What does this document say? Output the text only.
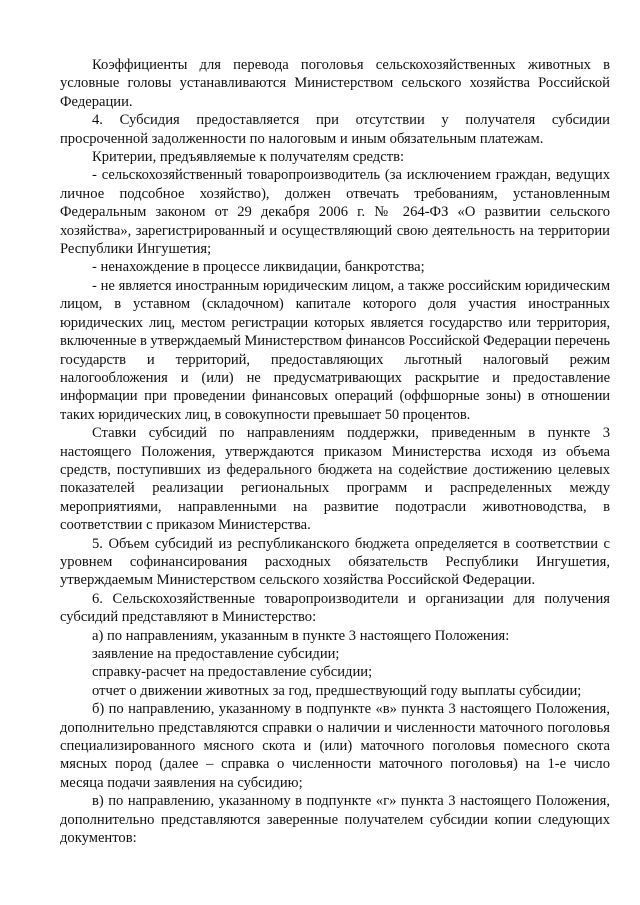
Коэффициенты для перевода поголовья сельскохозяйственных животных в условные головы устанавливаются Министерством сельского хозяйства Российской Федерации.

4. Субсидия предоставляется при отсутствии у получателя субсидии просроченной задолженности по налоговым и иным обязательным платежам.

Критерии, предъявляемые к получателям средств:

- сельскохозяйственный товаропроизводитель (за исключением граждан, ведущих личное подсобное хозяйство), должен отвечать требованиям, установленным Федеральным законом от 29 декабря 2006 г. № 264-ФЗ «О развитии сельского хозяйства», зарегистрированный и осуществляющий свою деятельность на территории Республики Ингушетия;

- ненахождение в процессе ликвидации, банкротства;

- не является иностранным юридическим лицом, а также российским юридическим лицом, в уставном (складочном) капитале которого доля участия иностранных юридических лиц, местом регистрации которых является государство или территория, включенные в утверждаемый Министерством финансов Российской Федерации перечень государств и территорий, предоставляющих льготный налоговый режим налогообложения и (или) не предусматривающих раскрытие и предоставление информации при проведении финансовых операций (оффшорные зоны) в отношении таких юридических лиц, в совокупности превышает 50 процентов.

Ставки субсидий по направлениям поддержки, приведенным в пункте 3 настоящего Положения, утверждаются приказом Министерства исходя из объема средств, поступивших из федерального бюджета на содействие достижению целевых показателей реализации региональных программ и распределенных между мероприятиями, направленными на развитие подотрасли животноводства, в соответствии с приказом Министерства.

5. Объем субсидий из республиканского бюджета определяется в соответствии с уровнем софинансирования расходных обязательств Республики Ингушетия, утверждаемым Министерством сельского хозяйства Российской Федерации.

6. Сельскохозяйственные товаропроизводители и организации для получения субсидий представляют в Министерство:

а) по направлениям, указанным в пункте 3 настоящего Положения:

заявление на предоставление субсидии;

справку-расчет на предоставление субсидии;

отчет о движении животных за год, предшествующий году выплаты субсидии;

б) по направлению, указанному в подпункте «в» пункта 3 настоящего Положения, дополнительно представляются справки о наличии и численности маточного поголовья специализированного мясного скота и (или) маточного поголовья помесного скота мясных пород (далее – справка о численности маточного поголовья) на 1-е число месяца подачи заявления на субсидию;

в) по направлению, указанному в подпункте «г» пункта 3 настоящего Положения, дополнительно представляются заверенные получателем субсидии копии следующих документов:
